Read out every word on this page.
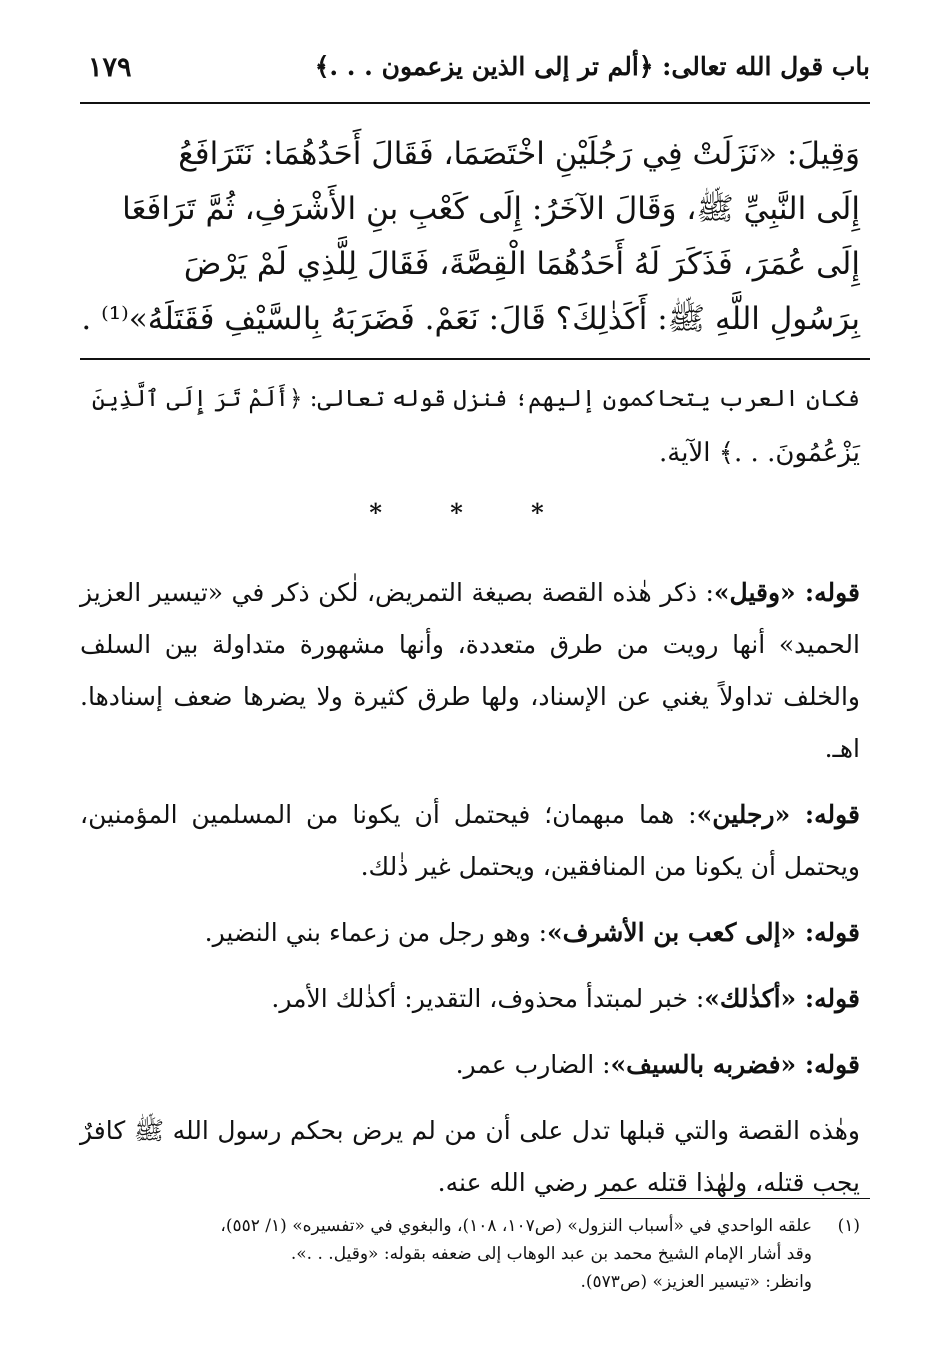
باب قول الله تعالى: ﴿ألم تر إلى الذين يزعمون . . .﴾
١٧٩

وَقِيلَ: «نَزَلَتْ فِي رَجُلَيْنِ اخْتَصَمَا، فَقَالَ أَحَدُهُمَا: نَتَرَافَعُ

إِلَى النَّبِيِّ ﷺ، وَقَالَ الآخَرُ: إِلَى كَعْبِ بنِ الأَشْرَفِ، ثُمَّ تَرَافَعَا

إِلَى عُمَرَ، فَذَكَرَ لَهُ أَحَدُهُمَا الْقِصَّةَ، فَقَالَ لِلَّذِي لَمْ يَرْضَ

بِرَسُولِ اللَّهِ ﷺ: أَكَذٰلِكَ؟ قَالَ: نَعَمْ. فَضَرَبَهُ بِالسَّيْفِ فَقَتَلَهُ»⁽¹⁾ .

فكان العرب يتحاكمون إليهم؛ فنزل قوله تعالى: ﴿أَلَمْ تَرَ إِلَى ٱلَّذِينَ

يَزْعُمُونَ. . .﴾ الآية.

* * *

قوله: «وقيل»: ذكر هٰذه القصة بصيغة التمريض، لٰكن ذكر في «تيسير العزيز الحميد» أنها رويت من طرق متعددة، وأنها مشهورة متداولة بين السلف والخلف تداولاً يغني عن الإسناد، ولها طرق كثيرة ولا يضرها ضعف إسنادها. اهـ.

قوله: «رجلين»: هما مبهمان؛ فيحتمل أن يكونا من المسلمين المؤمنين، ويحتمل أن يكونا من المنافقين، ويحتمل غير ذٰلك.

قوله: «إلى كعب بن الأشرف»: وهو رجل من زعماء بني النضير.

قوله: «أكذٰلك»: خبر لمبتدأ محذوف، التقدير: أكذٰلك الأمر.

قوله: «فضربه بالسيف»: الضارب عمر.

وهٰذه القصة والتي قبلها تدل على أن من لم يرض بحكم رسول الله ﷺ كافرٌ يجب قتله، ولهٰذا قتله عمر رضي الله عنه.

(١)
علقه الواحدي في «أسباب النزول» (ص١٠٧، ١٠٨)، والبغوي في «تفسيره» (١/ ٥٥٢)،
وقد أشار الإمام الشيخ محمد بن عبد الوهاب إلى ضعفه بقوله: «وقيل. . .».
وانظر: «تيسير العزيز» (ص٥٧٣).
